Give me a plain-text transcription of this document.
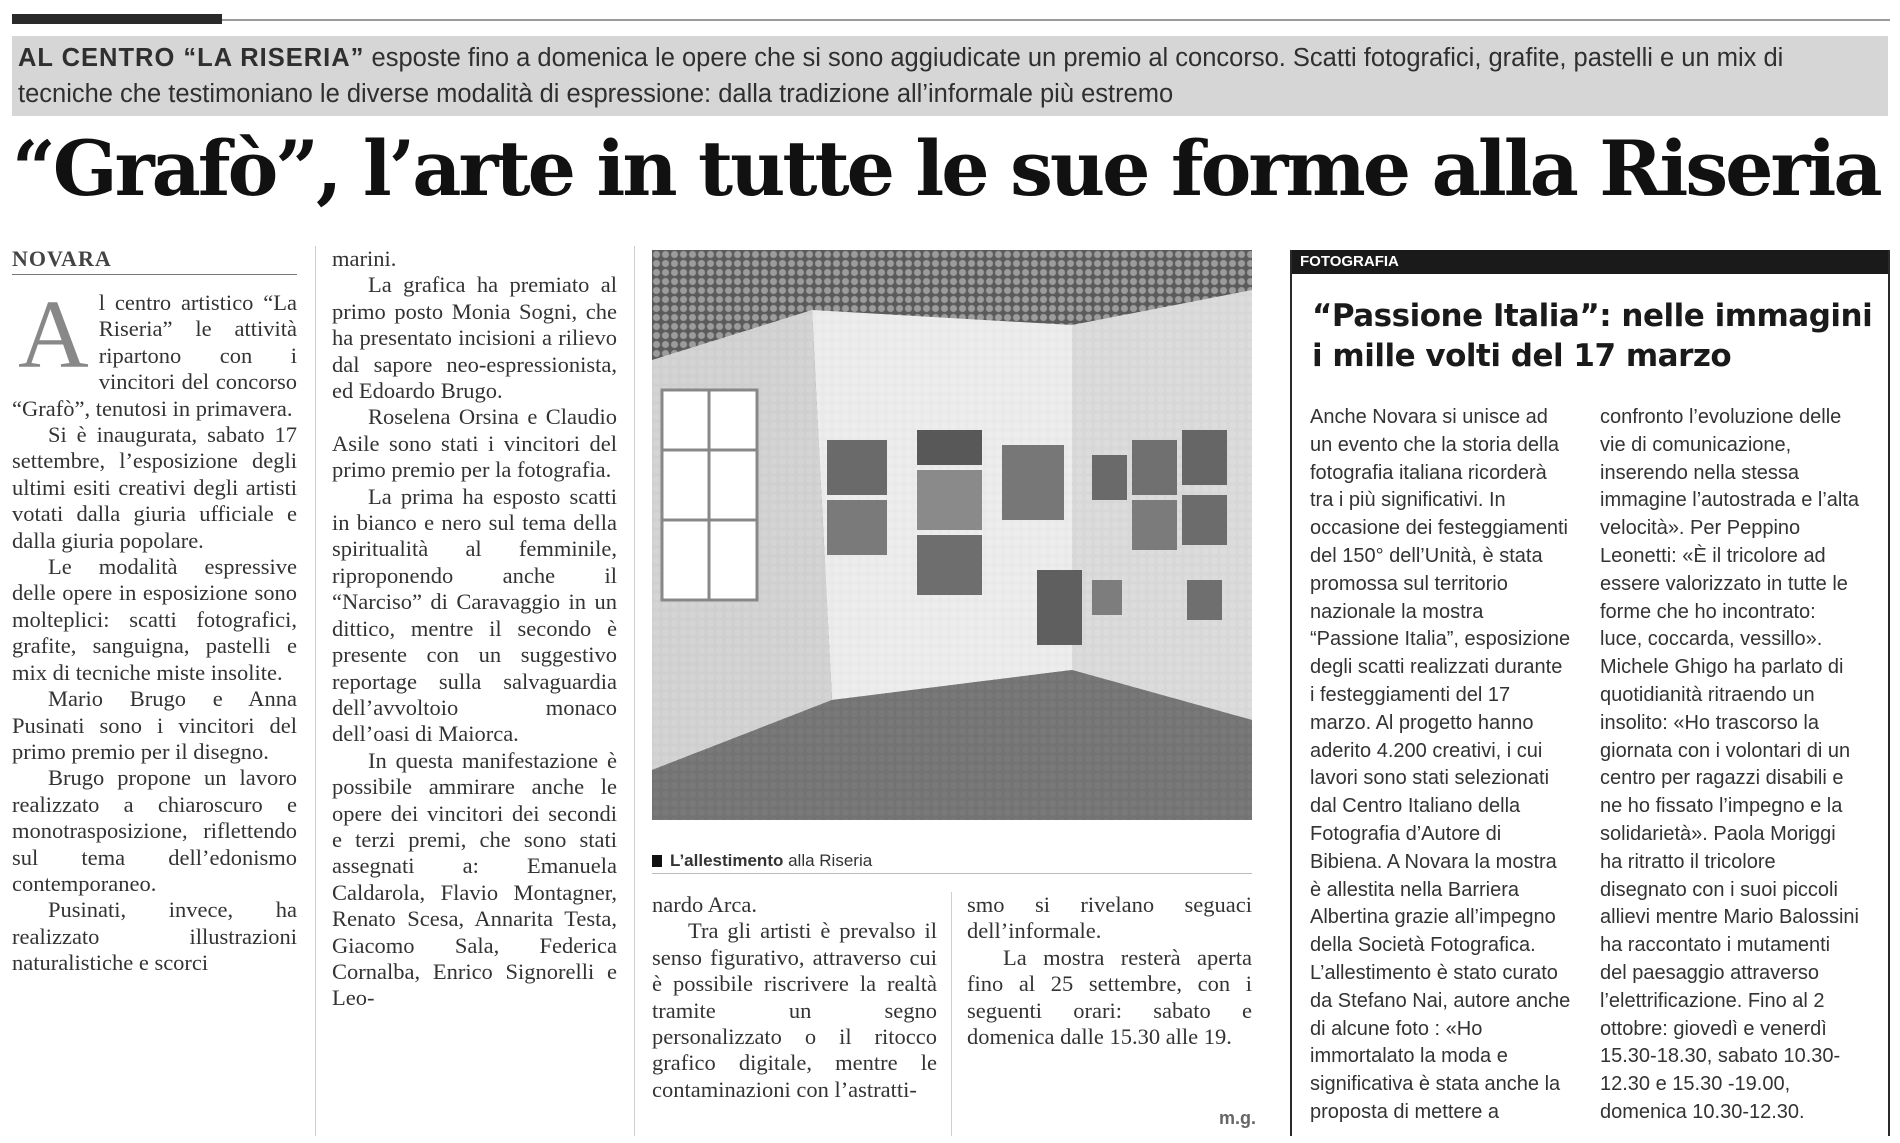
AL CENTRO “LA RISERIA” esposte fino a domenica le opere che si sono aggiudicate un premio al concorso. Scatti fotografici, grafite, pastelli e un mix di tecniche che testimoniano le diverse modalità di espressione: dalla tradizione all’informale più estremo
“Grafò”, l’arte in tutte le sue forme alla Riseria
NOVARA

Al centro artistico “La Riseria” le attività ripartono con i vincitori del concorso “Grafò”, tenutosi in primavera.

Si è inaugurata, sabato 17 settembre, l’esposizione degli ultimi esiti creativi degli artisti votati dalla giuria ufficiale e dalla giuria popolare.

Le modalità espressive delle opere in esposizione sono molteplici: scatti fotografici, grafite, sanguigna, pastelli e mix di tecniche miste insolite.

Mario Brugo e Anna Pusinati sono i vincitori del primo premio per il disegno.

Brugo propone un lavoro realizzato a chiaroscuro e monotrasposizione, riflettendo sul tema dell’edonismo contemporaneo.

Pusinati, invece, ha realizzato illustrazioni naturalistiche e scorci

marini.

La grafica ha premiato al primo posto Monia Sogni, che ha presentato incisioni a rilievo dal sapore neo-espressionista, ed Edoardo Brugo.

Roselena Orsina e Claudio Asile sono stati i vincitori del primo premio per la fotografia.

La prima ha esposto scatti in bianco e nero sul tema della spiritualità al femminile, riproponendo anche il “Narciso” di Caravaggio in un dittico, mentre il secondo è presente con un suggestivo reportage sulla salvaguardia dell’avvoltoio monaco dell’oasi di Maiorca.

In questa manifestazione è possibile ammirare anche le opere dei vincitori dei secondi e terzi premi, che sono stati assegnati a: Emanuela Caldarola, Flavio Montagner, Renato Scesa, Annarita Testa, Giacomo Sala, Federica Cornalba, Enrico Signorelli e Leo-

L’allestimento alla Riseria

nardo Arca.

Tra gli artisti è prevalso il senso figurativo, attraverso cui è possibile riscrivere la realtà tramite un segno personalizzato o il ritocco grafico digitale, mentre le contaminazioni con l’astratti-

smo si rivelano seguaci dell’informale.

La mostra resterà aperta fino al 25 settembre, con i seguenti orari: sabato e domenica dalle 15.30 alle 19.

m.g.
FOTOGRAFIA
“Passione Italia”: nelle immagini i mille volti del 17 marzo

Anche Novara si unisce ad un evento che la storia della fotografia italiana ricorderà tra i più significativi. In occasione dei festeggiamenti del 150° dell’Unità, è stata promossa sul territorio nazionale la mostra “Passione Italia”, esposizione degli scatti realizzati durante i festeggiamenti del 17 marzo. Al progetto hanno aderito 4.200 creativi, i cui lavori sono stati selezionati dal Centro Italiano della Fotografia d’Autore di Bibiena. A Novara la mostra è allestita nella Barriera Albertina grazie all’impegno della Società Fotografica. L’allestimento è stato curato da Stefano Nai, autore anche di alcune foto : «Ho immortalato la moda e significativa è stata anche la proposta di mettere a

confronto l’evoluzione delle vie di comunicazione, inserendo nella stessa immagine l’autostrada e l’alta velocità». Per Peppino Leonetti: «È il tricolore ad essere valorizzato in tutte le forme che ho incontrato: luce, coccarda, vessillo». Michele Ghigo ha parlato di quotidianità ritraendo un insolito: «Ho trascorso la giornata con i volontari di un centro per ragazzi disabili e ne ho fissato l’impegno e la solidarietà». Paola Moriggi ha ritratto il tricolore disegnato con i suoi piccoli allievi mentre Mario Balossini ha raccontato i mutamenti del paesaggio attraverso l’elettrificazione. Fino al 2 ottobre: giovedì e venerdì 15.30-18.30, sabato 10.30-12.30 e 15.30 -19.00, domenica 10.30-12.30.
